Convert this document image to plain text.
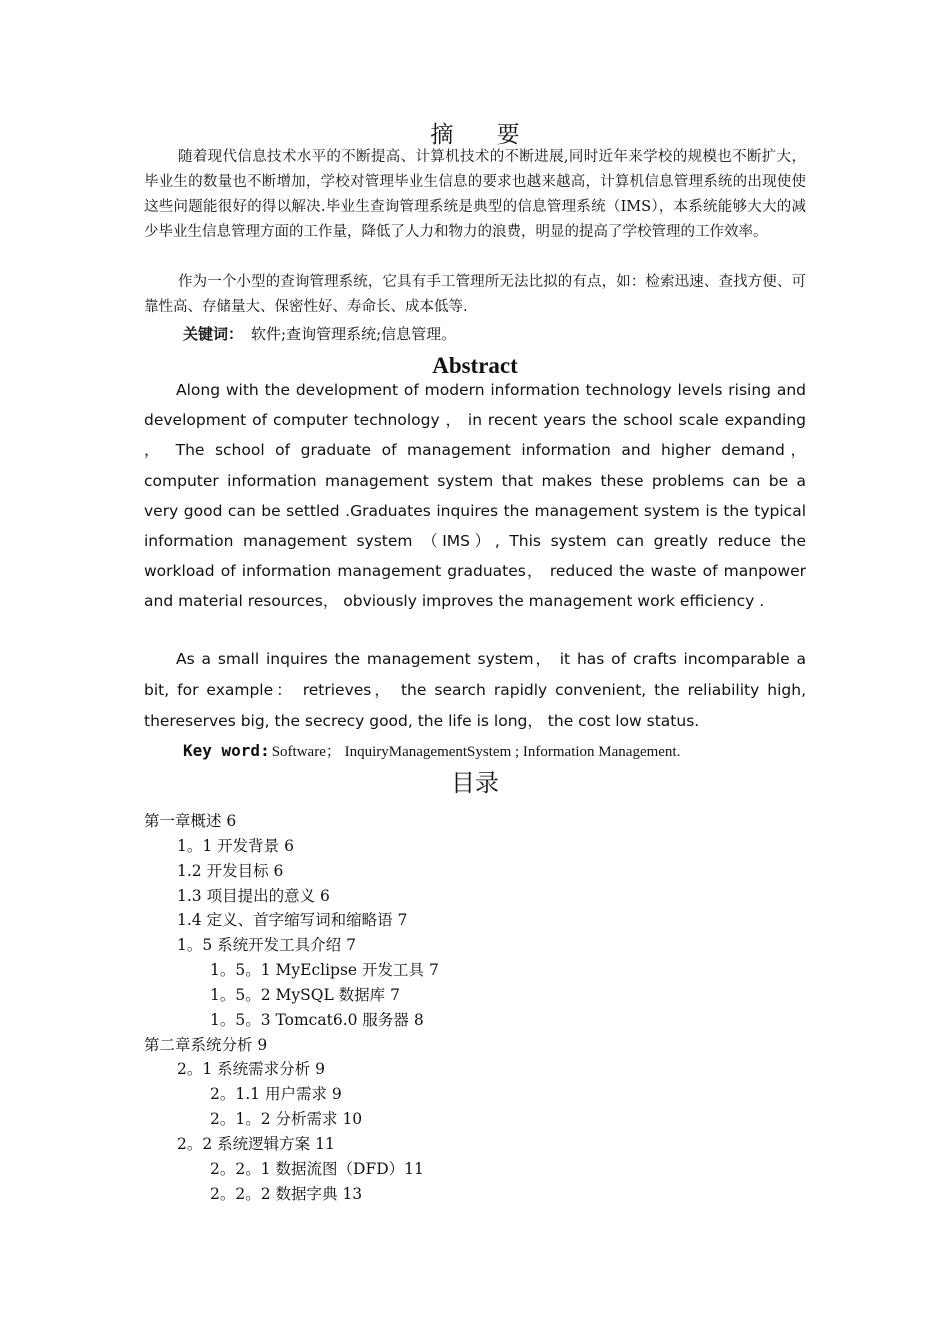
摘 要

随着现代信息技术水平的不断提高、计算机技术的不断进展,同时近年来学校的规模也不断扩大，毕业生的数量也不断增加，学校对管理毕业生信息的要求也越来越高，计算机信息管理系统的出现使使这些问题能很好的得以解决.毕业生查询管理系统是典型的信息管理系统（IMS），本系统能够大大的减少毕业生信息管理方面的工作量，降低了人力和物力的浪费，明显的提高了学校管理的工作效率。

作为一个小型的查询管理系统，它具有手工管理所无法比拟的有点，如：检索迅速、查找方便、可靠性高、存储量大、保密性好、寿命长、成本低等.

关键词： 软件;查询管理系统;信息管理。
Abstract

Along with the development of modern information technology levels rising and development of computer technology ， in recent years the school scale expanding ， The school of graduate of management information and higher demand，computer information management system that makes these problems can be a very good can be settled .Graduates inquires the management system is the typical information management system （IMS）, This system can greatly reduce the workload of information management graduates， reduced the waste of manpower and material resources， obviously improves the management work efficiency .

As a small inquires the management system， it has of crafts incomparable a bit, for example： retrieves， the search rapidly convenient, the reliability high, thereserves big, the secrecy good, the life is long， the cost low status.

Key word: Software； InquiryManagementSystem ; Information Management.
目录
第一章概述 6
1。1 开发背景 6
1.2 开发目标 6
1.3 项目提出的意义 6
1.4 定义、首字缩写词和缩略语 7
1。5 系统开发工具介绍 7
1。5。1 MyEclipse 开发工具 7
1。5。2 MySQL 数据库 7
1。5。3 Tomcat6.0 服务器 8
第二章系统分析 9
2。1 系统需求分析 9
2。1.1 用户需求 9
2。1。2 分析需求 10
2。2 系统逻辑方案 11
2。2。1 数据流图（DFD）11
2。2。2 数据字典 13
